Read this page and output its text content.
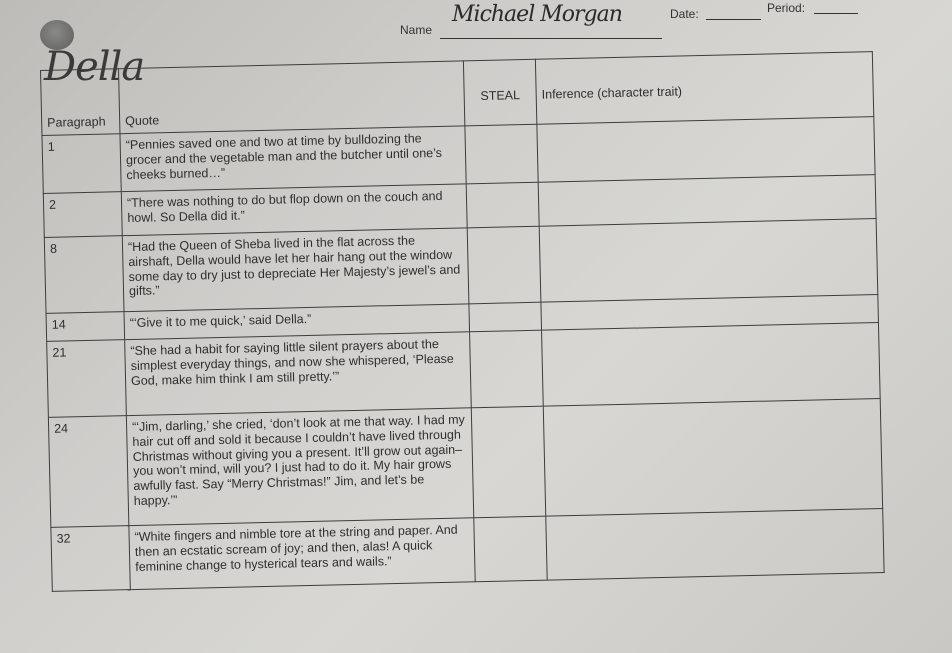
Name
Michael Morgan	Date:	Period:
Della
Paragraph	Quote	STEAL	Inference (character trait)
1	“Pennies saved one and two at time by bulldozing the grocer and the vegetable man and the butcher until one’s cheeks burned…”		
2	“There was nothing to do but flop down on the couch and howl. So Della did it.”		
8	“Had the Queen of Sheba lived in the flat across the airshaft, Della would have let her hair hang out the window some day to dry just to depreciate Her Majesty’s jewel’s and gifts.”		
14	“‘Give it to me quick,’ said Della.”		
21	“She had a habit for saying little silent prayers about the simplest everyday things, and now she whispered, ‘Please God, make him think I am still pretty.’”		
24	“‘Jim, darling,’ she cried, ‘don’t look at me that way. I had my hair cut off and sold it because I couldn’t have lived through Christmas without giving you a present. It’ll grow out again–you won’t mind, will you? I just had to do it. My hair grows awfully fast. Say “Merry Christmas!” Jim, and let’s be happy.’”		
32	“White fingers and nimble tore at the string and paper. And then an ecstatic scream of joy; and then, alas! A quick feminine change to hysterical tears and wails.”		
